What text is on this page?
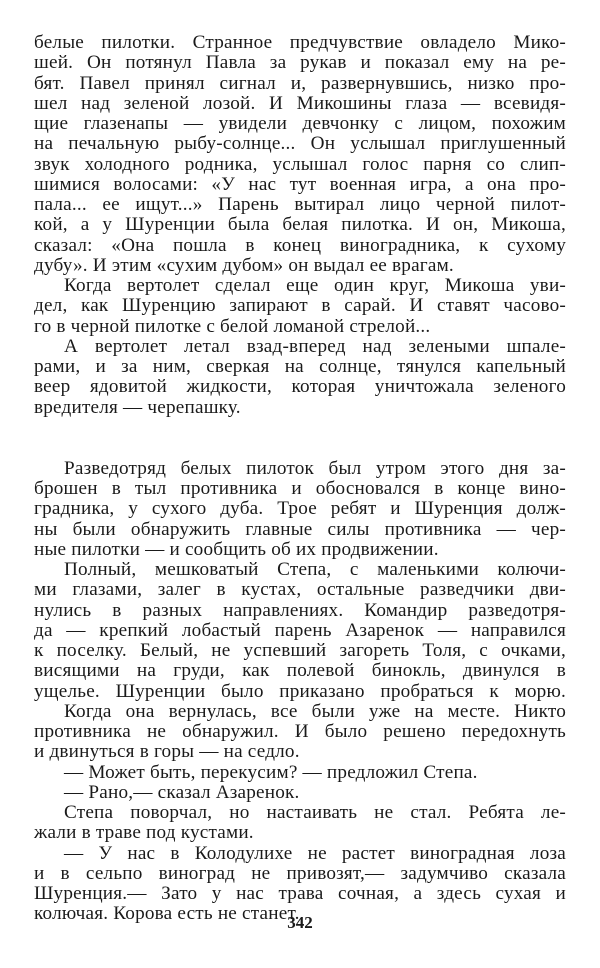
белые пилотки. Странное предчувствие овладело Мико-
шей. Он потянул Павла за рукав и показал ему на ре-
бят. Павел принял сигнал и, развернувшись, низко про-
шел над зеленой лозой. И Микошины глаза — всевидя-
щие глазенапы — увидели девчонку с лицом, похожим
на печальную рыбу-солнце... Он услышал приглушенный
звук холодного родника, услышал голос парня со слип-
шимися волосами: «У нас тут военная игра, а она про-
пала... ее ищут...» Парень вытирал лицо черной пилот-
кой, а у Шуренции была белая пилотка. И он, Микоша,
сказал: «Она пошла в конец виноградника, к сухому
дубу». И этим «сухим дубом» он выдал ее врагам.
Когда вертолет сделал еще один круг, Микоша уви-
дел, как Шуренцию запирают в сарай. И ставят часово-
го в черной пилотке с белой ломаной стрелой...
А вертолет летал взад-вперед над зелеными шпале-
рами, и за ним, сверкая на солнце, тянулся капельный
веер ядовитой жидкости, которая уничтожала зеленого
вредителя — черепашку.
Разведотряд белых пилоток был утром этого дня за-
брошен в тыл противника и обосновался в конце вино-
градника, у сухого дуба. Трое ребят и Шуренция долж-
ны были обнаружить главные силы противника — чер-
ные пилотки — и сообщить об их продвижении.
Полный, мешковатый Степа, с маленькими колючи-
ми глазами, залег в кустах, остальные разведчики дви-
нулись в разных направлениях. Командир разведотря-
да — крепкий лобастый парень Азаренок — направился
к поселку. Белый, не успевший загореть Толя, с очками,
висящими на груди, как полевой бинокль, двинулся в
ущелье. Шуренции было приказано пробраться к морю.
Когда она вернулась, все были уже на месте. Никто
противника не обнаружил. И было решено передохнуть
и двинуться в горы — на седло.
— Может быть, перекусим? — предложил Степа.
— Рано,— сказал Азаренок.
Степа поворчал, но настаивать не стал. Ребята ле-
жали в траве под кустами.
— У нас в Колодулихе не растет виноградная лоза
и в сельпо виноград не привозят,— задумчиво сказала
Шуренция.— Зато у нас трава сочная, а здесь сухая и
колючая. Корова есть не станет.
342
